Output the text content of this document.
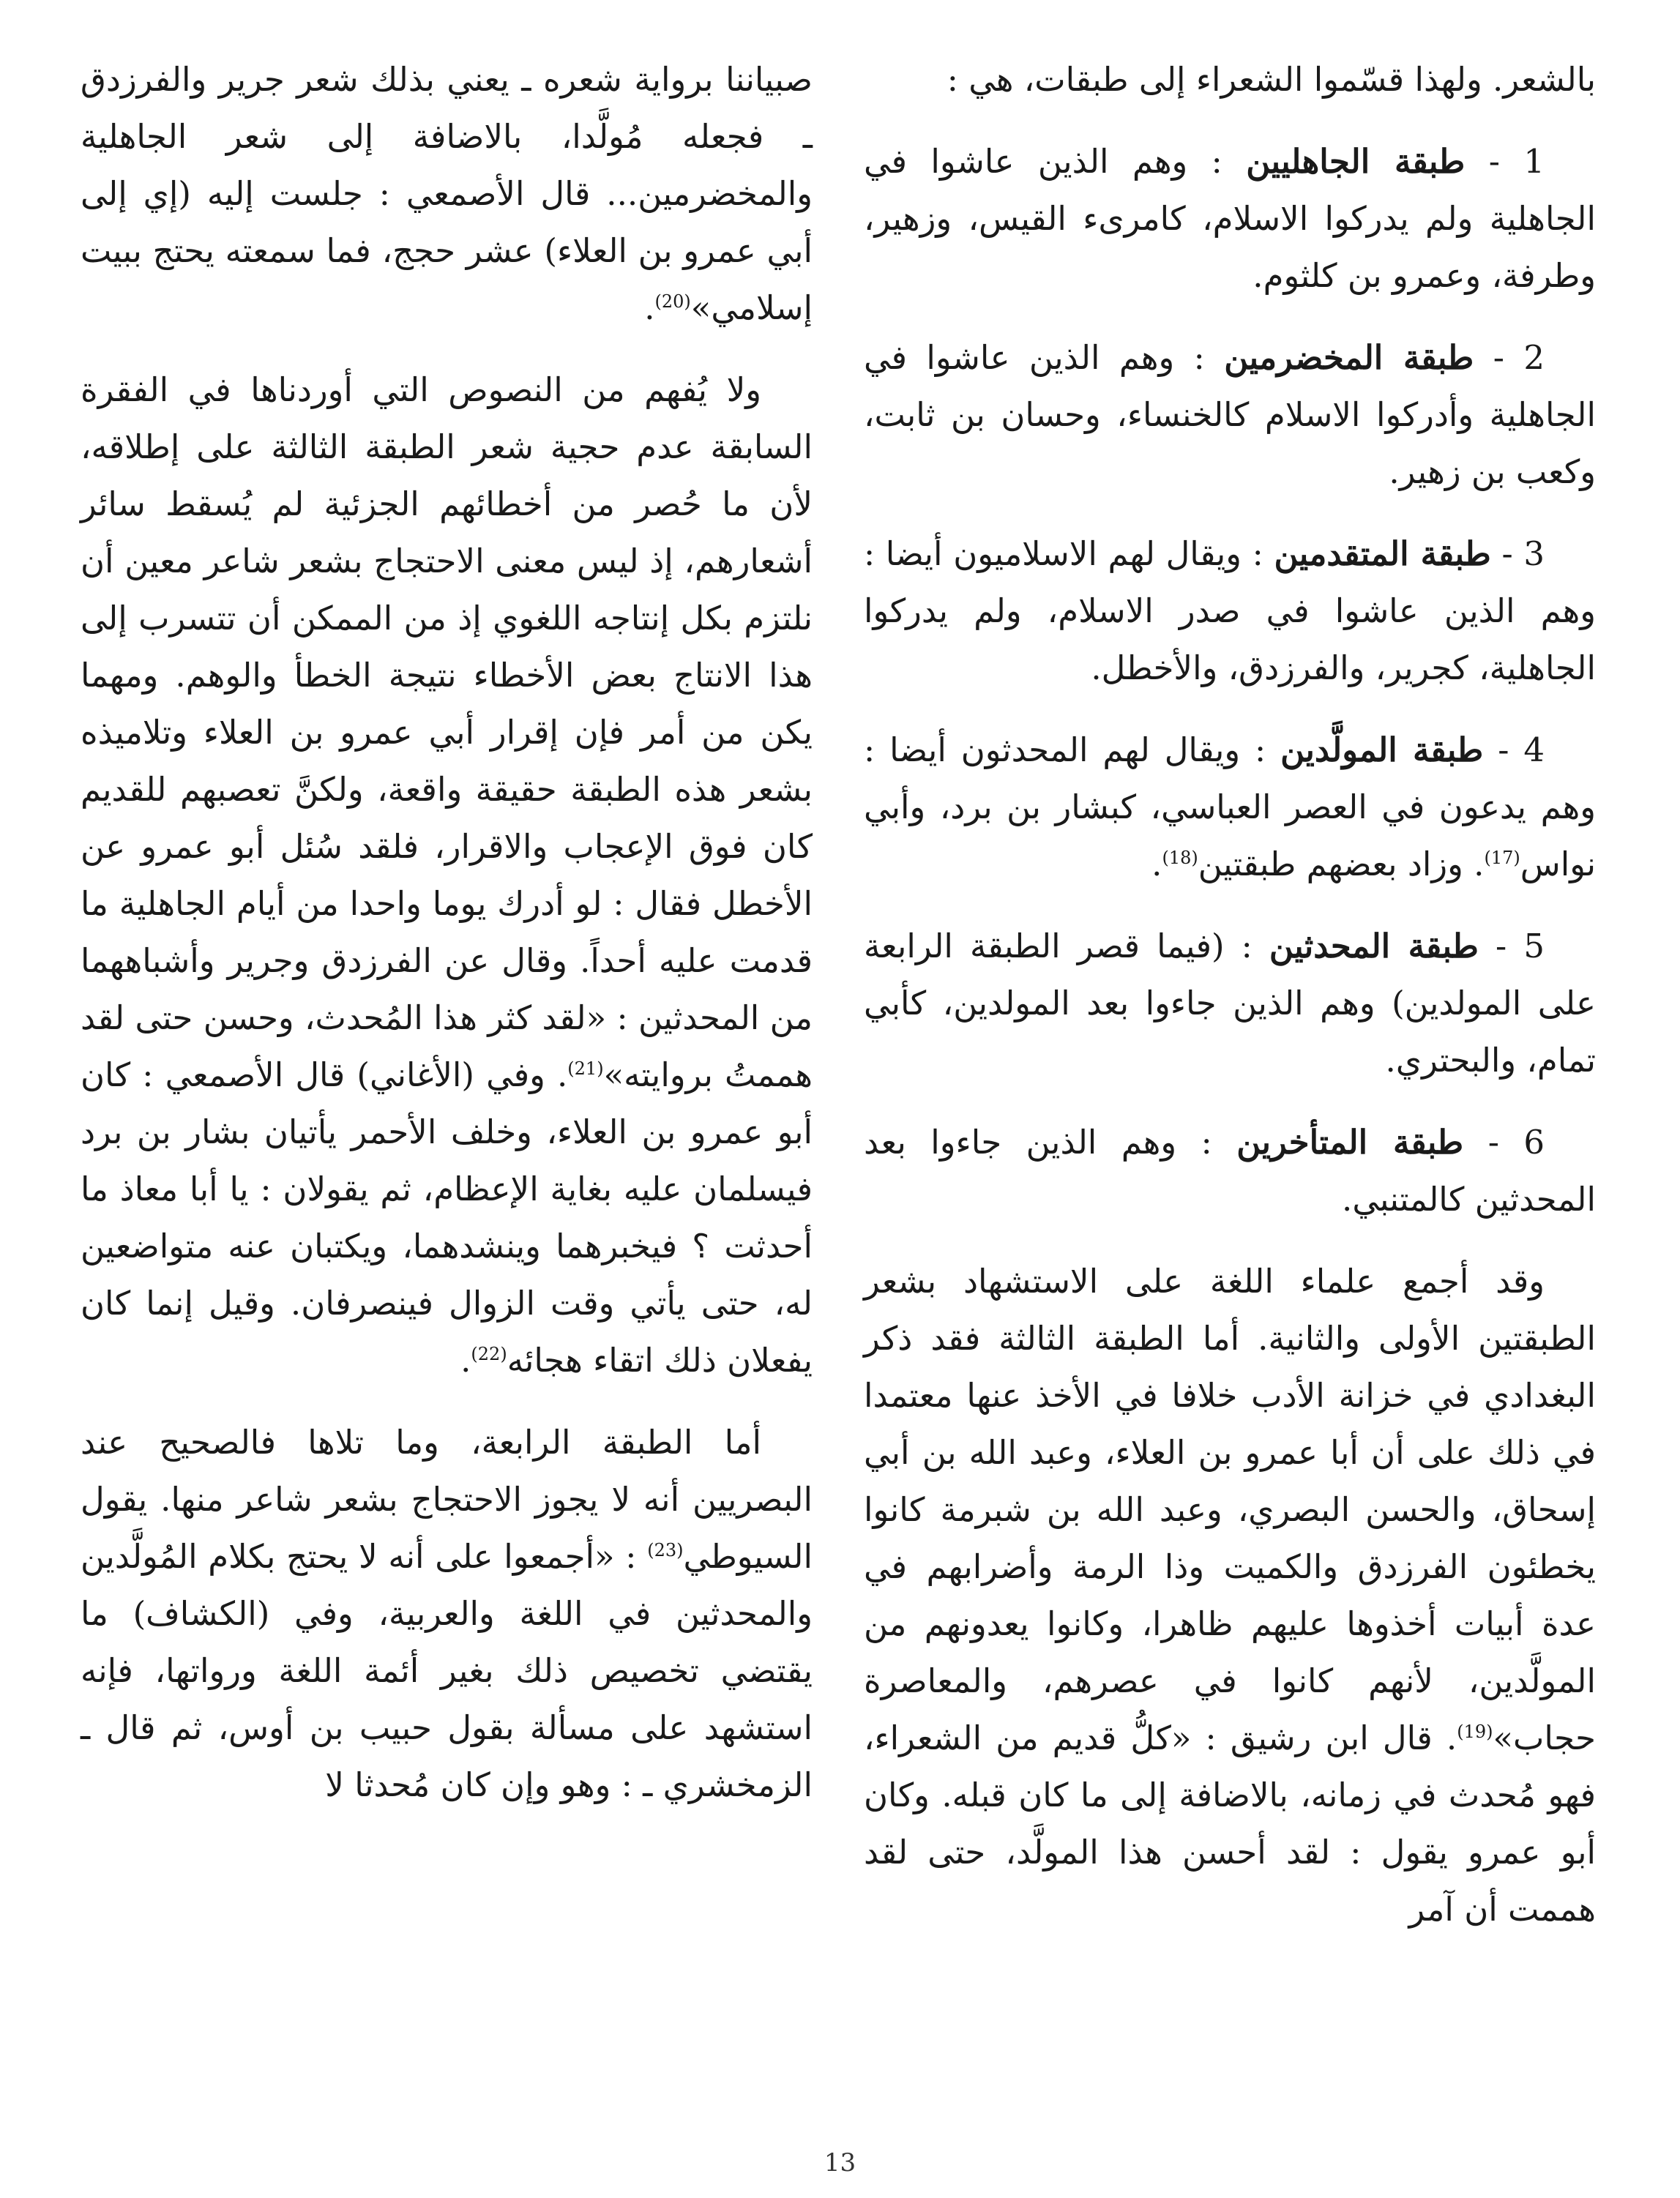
بالشعر. ولهذا قسّموا الشعراء إلى طبقات، هي :

1 - طبقة الجاهليين : وهم الذين عاشوا في الجاهلية ولم يدركوا الاسلام، كامرىء القيس، وزهير، وطرفة، وعمرو بن كلثوم.

2 - طبقة المخضرمين : وهم الذين عاشوا في الجاهلية وأدركوا الاسلام كالخنساء، وحسان بن ثابت، وكعب بن زهير.

3 - طبقة المتقدمين : ويقال لهم الاسلاميون أيضا : وهم الذين عاشوا في صدر الاسلام، ولم يدركوا الجاهلية، كجرير، والفرزدق، والأخطل.

4 - طبقة المولَّدين : ويقال لهم المحدثون أيضا : وهم يدعون في العصر العباسي، كبشار بن برد، وأبي نواس$^{(17)}$. وزاد بعضهم طبقتين$^{(18)}$.

5 - طبقة المحدثين : (فيما قصر الطبقة الرابعة على المولدين) وهم الذين جاءوا بعد المولدين، كأبي تمام، والبحتري.

6 - طبقة المتأخرين : وهم الذين جاءوا بعد المحدثين كالمتنبي.

وقد أجمع علماء اللغة على الاستشهاد بشعر الطبقتين الأولى والثانية. أما الطبقة الثالثة فقد ذكر البغدادي في خزانة الأدب خلافا في الأخذ عنها معتمدا في ذلك على أن أبا عمرو بن العلاء، وعبد الله بن أبي إسحاق، والحسن البصري، وعبد الله بن شبرمة كانوا يخطئون الفرزدق والكميت وذا الرمة وأضرابهم في عدة أبيات أخذوها عليهم ظاهرا، وكانوا يعدونهم من المولَّدين، لأنهم كانوا في عصرهم، والمعاصرة حجاب»$^{(19)}$. قال ابن رشيق : «كلُّ قديم من الشعراء، فهو مُحدث في زمانه، بالاضافة إلى ما كان قبله. وكان أبو عمرو يقول : لقد أحسن هذا المولَّد، حتى لقد هممت أن آمر

صبياننا برواية شعره ـ يعني بذلك شعر جرير والفرزدق ـ فجعله مُولَّدا، بالاضافة إلى شعر الجاهلية والمخضرمين... قال الأصمعي : جلست إليه (إي إلى أبي عمرو بن العلاء) عشر حجج، فما سمعته يحتج ببيت إسلامي»$^{(20)}$.

ولا يُفهم من النصوص التي أوردناها في الفقرة السابقة عدم حجية شعر الطبقة الثالثة على إطلاقه، لأن ما حُصر من أخطائهم الجزئية لم يُسقط سائر أشعارهم، إذ ليس معنى الاحتجاج بشعر شاعر معين أن نلتزم بكل إنتاجه اللغوي إذ من الممكن أن تتسرب إلى هذا الانتاج بعض الأخطاء نتيجة الخطأ والوهم. ومهما يكن من أمر فإن إقرار أبي عمرو بن العلاء وتلاميذه بشعر هذه الطبقة حقيقة واقعة، ولكنَّ تعصبهم للقديم كان فوق الإعجاب والاقرار، فلقد سُئل أبو عمرو عن الأخطل فقال : لو أدرك يوما واحدا من أيام الجاهلية ما قدمت عليه أحداً. وقال عن الفرزدق وجرير وأشباههما من المحدثين : «لقد كثر هذا المُحدث، وحسن حتى لقد هممتُ بروايته»$^{(21)}$. وفي (الأغاني) قال الأصمعي : كان أبو عمرو بن العلاء، وخلف الأحمر يأتيان بشار بن برد فيسلمان عليه بغاية الإعظام، ثم يقولان : يا أبا معاذ ما أحدثت ؟ فيخبرهما وينشدهما، ويكتبان عنه متواضعين له، حتى يأتي وقت الزوال فينصرفان. وقيل إنما كان يفعلان ذلك اتقاء هجائه$^{(22)}$.

أما الطبقة الرابعة، وما تلاها فالصحيح عند البصريين أنه لا يجوز الاحتجاج بشعر شاعر منها. يقول السيوطي$^{(23)}$ : «أجمعوا على أنه لا يحتج بكلام المُولَّدين والمحدثين في اللغة والعربية، وفي (الكشاف) ما يقتضي تخصيص ذلك بغير أئمة اللغة ورواتها، فإنه استشهد على مسألة بقول حبيب بن أوس، ثم قال ـ الزمخشري ـ : وهو وإن كان مُحدثا لا

13
